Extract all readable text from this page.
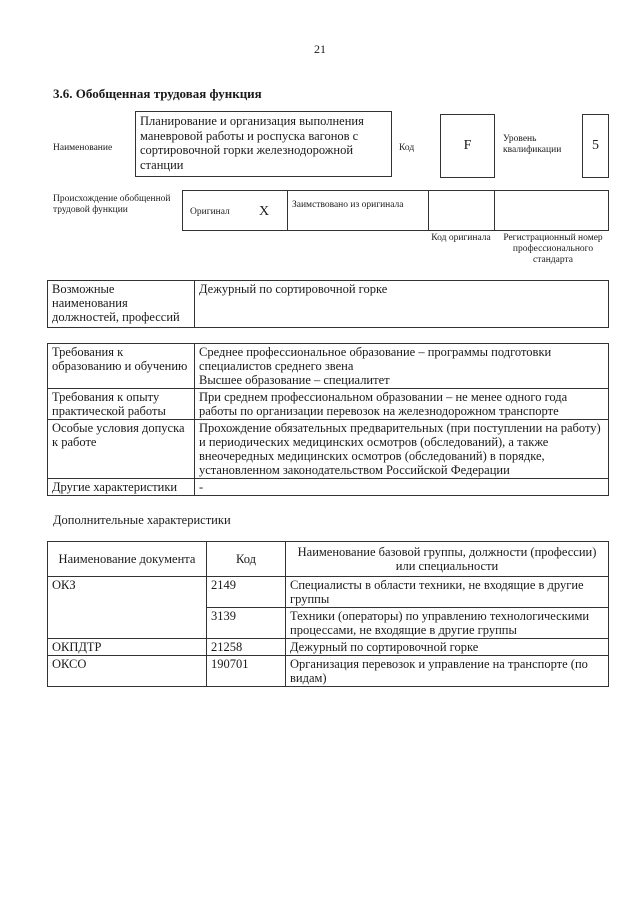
21
3.6. Обобщенная трудовая функция
Наименование
Планирование и организация выполнения маневровой работы и роспуска вагонов с сортировочной горки железнодорожной станции
Код	F	Уровень квалификации	5
Происхождение обобщенной трудовой функции	Оригинал X Заимствовано из оригинала
Код оригинала	Регистрационный номер профессионального стандарта
Возможные наименования должностей, профессий	Дежурный по сортировочной горке
Требования к образованию и обучению	Среднее профессиональное образование – программы подготовки специалистов среднего звена
Высшее образование – специалитет
Требования к опыту практической работы	При среднем профессиональном образовании – не менее одного года работы по организации перевозок на железнодорожном транспорте
Особые условия допуска к работе	Прохождение обязательных предварительных (при поступлении на работу) и периодических медицинских осмотров (обследований), а также внеочередных медицинских осмотров (обследований) в порядке, установленном законодательством Российской Федерации
Другие характеристики	-
Дополнительные характеристики
Наименование документа	Код	Наименование базовой группы, должности (профессии) или специальности
ОКЗ	2149	Специалисты в области техники, не входящие в другие группы
	3139	Техники (операторы) по управлению технологическими процессами, не входящие в другие группы
ОКПДТР	21258	Дежурный по сортировочной горке
ОКСО	190701	Организация перевозок и управление на транспорте (по видам)
